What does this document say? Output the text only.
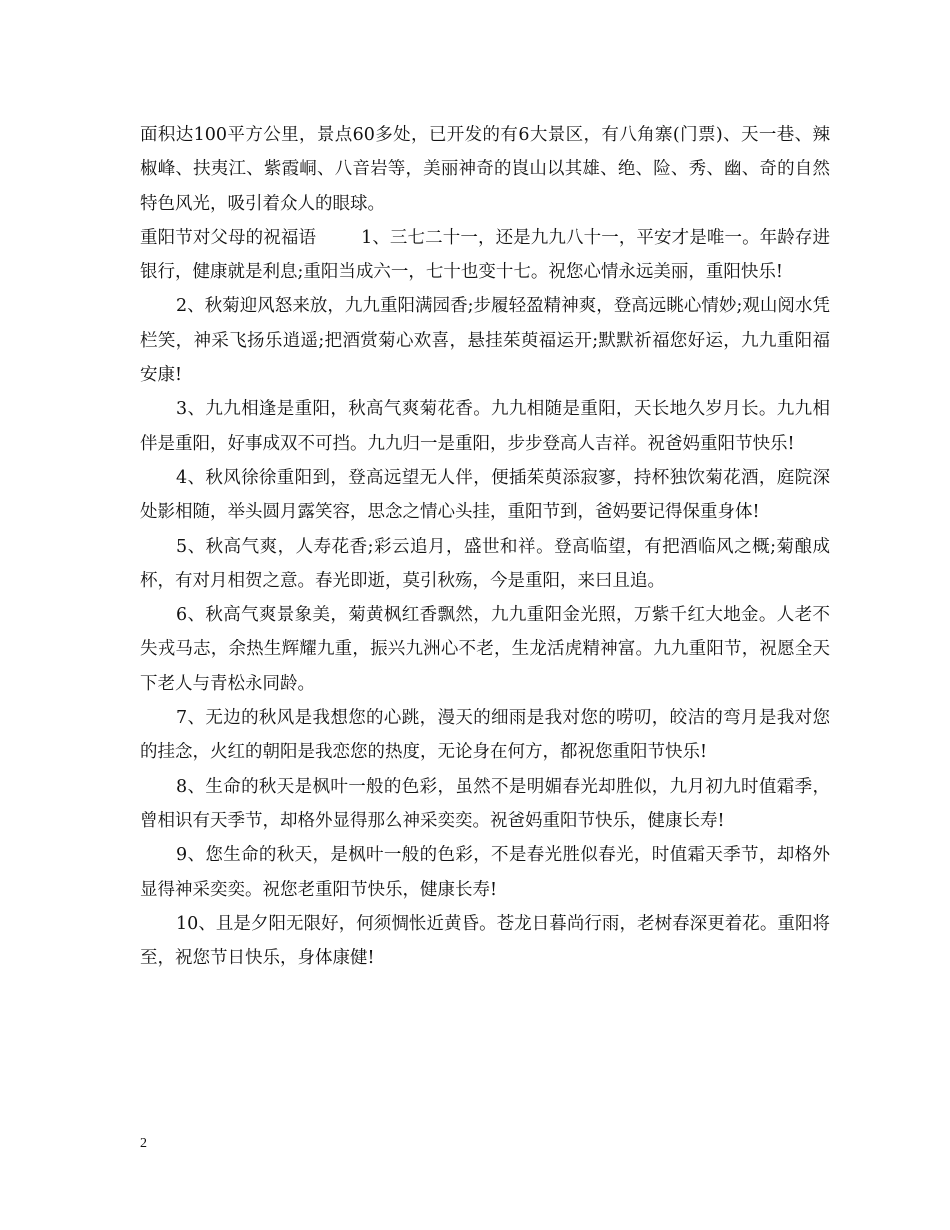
面积达100平方公里，景点60多处，已开发的有6大景区，有八角寨(门票)、天一巷、辣椒峰、扶夷江、紫霞峒、八音岩等，美丽神奇的崀山以其雄、绝、险、秀、幽、奇的自然特色风光，吸引着众人的眼球。

重阳节对父母的祝福语	1、三七二十一，还是九九八十一，平安才是唯一。年龄存进银行，健康就是利息;重阳当成六一，七十也变十七。祝您心情永远美丽，重阳快乐!

2、秋菊迎风怒来放，九九重阳满园香;步履轻盈精神爽，登高远眺心情妙;观山阅水凭栏笑，神采飞扬乐逍遥;把酒赏菊心欢喜，悬挂茱萸福运开;默默祈福您好运，九九重阳福安康!

3、九九相逢是重阳，秋高气爽菊花香。九九相随是重阳，天长地久岁月长。九九相伴是重阳，好事成双不可挡。九九归一是重阳，步步登高人吉祥。祝爸妈重阳节快乐!

4、秋风徐徐重阳到，登高远望无人伴，便插茱萸添寂寥，持杯独饮菊花酒，庭院深处影相随，举头圆月露笑容，思念之情心头挂，重阳节到，爸妈要记得保重身体!

5、秋高气爽，人寿花香;彩云追月，盛世和祥。登高临望，有把酒临风之概;菊酿成杯，有对月相贺之意。春光即逝，莫引秋殇，今是重阳，来曰且追。

6、秋高气爽景象美，菊黄枫红香飘然，九九重阳金光照，万紫千红大地金。人老不失戎马志，余热生辉耀九重，振兴九洲心不老，生龙活虎精神富。九九重阳节，祝愿全天下老人与青松永同龄。

7、无边的秋风是我想您的心跳，漫天的细雨是我对您的唠叨，皎洁的弯月是我对您的挂念，火红的朝阳是我恋您的热度，无论身在何方，都祝您重阳节快乐!

8、生命的秋天是枫叶一般的色彩，虽然不是明媚春光却胜似，九月初九时值霜季，曾相识有天季节，却格外显得那么神采奕奕。祝爸妈重阳节快乐，健康长寿!

9、您生命的秋天，是枫叶一般的色彩，不是春光胜似春光，时值霜天季节，却格外显得神采奕奕。祝您老重阳节快乐，健康长寿!

10、且是夕阳无限好，何须惆怅近黄昏。苍龙日暮尚行雨，老树春深更着花。重阳将至，祝您节日快乐，身体康健!

2
